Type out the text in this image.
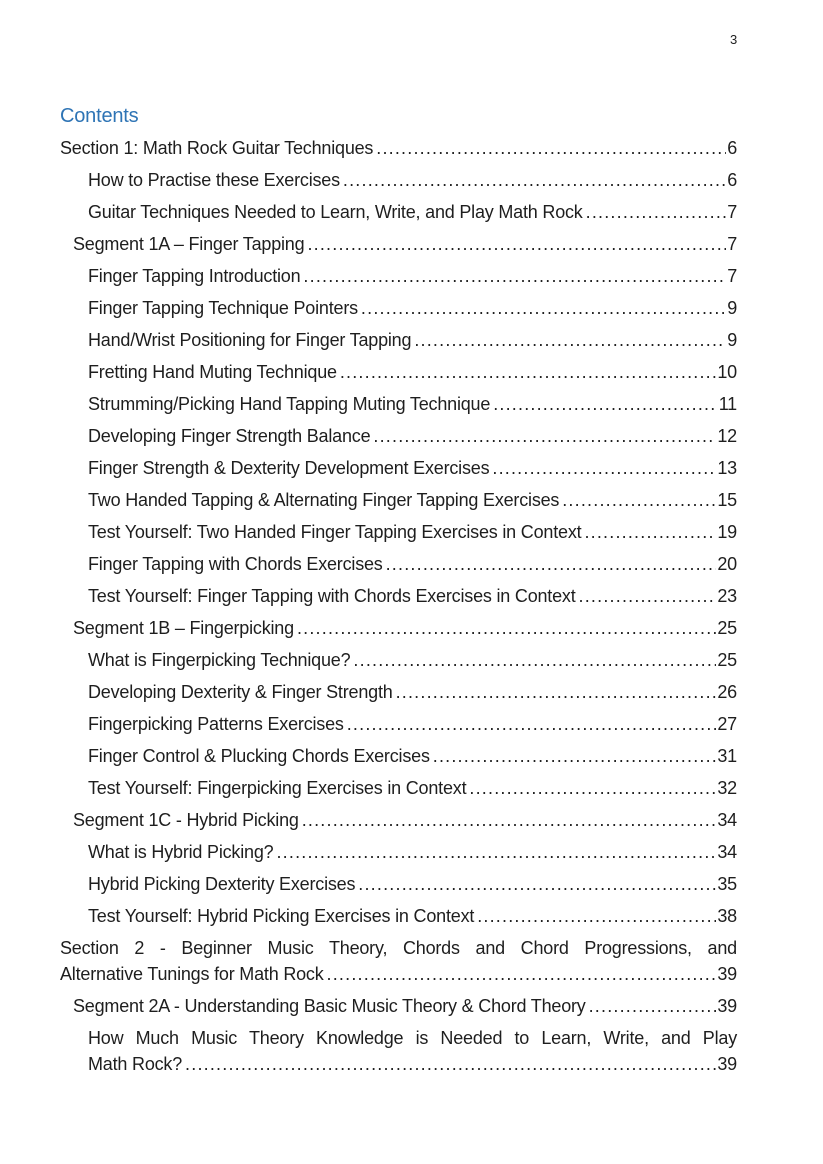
3
Contents
Section 1: Math Rock Guitar Techniques .....	6
How to Practise these Exercises .....	6
Guitar Techniques Needed to Learn, Write, and Play Math Rock .....	7
Segment 1A – Finger Tapping .....	7
Finger Tapping Introduction .....	7
Finger Tapping Technique Pointers .....	9
Hand/Wrist Positioning for Finger Tapping .....	9
Fretting Hand Muting Technique .....	10
Strumming/Picking Hand Tapping Muting Technique .....	11
Developing Finger Strength Balance .....	12
Finger Strength & Dexterity Development Exercises .....	13
Two Handed Tapping & Alternating Finger Tapping Exercises .....	15
Test Yourself: Two Handed Finger Tapping Exercises in Context .....	19
Finger Tapping with Chords Exercises .....	20
Test Yourself: Finger Tapping with Chords Exercises in Context .....	23
Segment 1B – Fingerpicking .....	25
What is Fingerpicking Technique? .....	25
Developing Dexterity & Finger Strength .....	26
Fingerpicking Patterns Exercises .....	27
Finger Control & Plucking Chords Exercises .....	31
Test Yourself: Fingerpicking Exercises in Context .....	32
Segment 1C - Hybrid Picking .....	34
What is Hybrid Picking? .....	34
Hybrid Picking Dexterity Exercises .....	35
Test Yourself: Hybrid Picking Exercises in Context .....	38
Section 2 - Beginner Music Theory, Chords and Chord Progressions, and
Alternative Tunings for Math Rock .....	39
Segment 2A - Understanding Basic Music Theory & Chord Theory .....	39
How Much Music Theory Knowledge is Needed to Learn, Write, and Play
Math Rock? .....	39
